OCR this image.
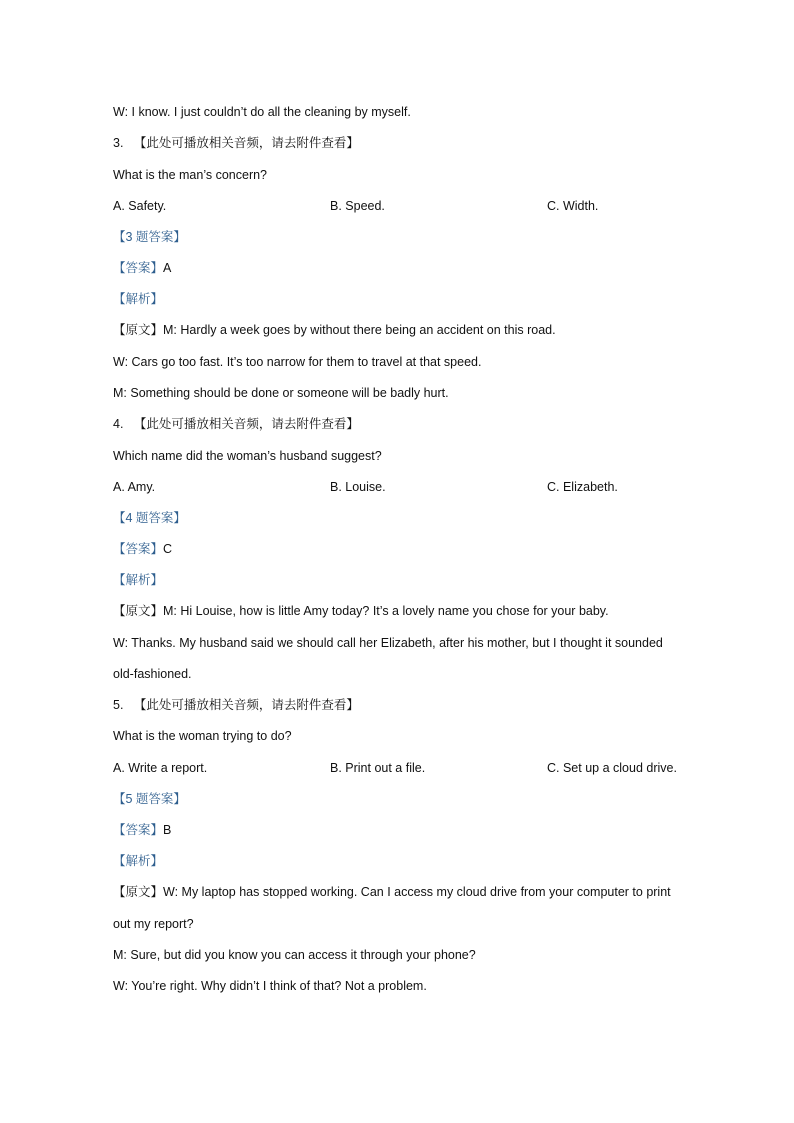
W: I know. I just couldn’t do all the cleaning by myself.
3. 【此处可播放相关音频，请去附件查看】
What is the man’s concern?
A. Safety.	B. Speed.	C. Width.
【3 题答案】
【答案】A
【解析】
【原文】M: Hardly a week goes by without there being an accident on this road.
W: Cars go too fast. It’s too narrow for them to travel at that speed.
M: Something should be done or someone will be badly hurt.
4. 【此处可播放相关音频，请去附件查看】
Which name did the woman’s husband suggest?
A. Amy.	B. Louise.	C. Elizabeth.
【4 题答案】
【答案】C
【解析】
【原文】M: Hi Louise, how is little Amy today? It’s a lovely name you chose for your baby.
W: Thanks. My husband said we should call her Elizabeth, after his mother, but I thought it sounded
old-fashioned.
5. 【此处可播放相关音频，请去附件查看】
What is the woman trying to do?
A. Write a report.	B. Print out a file.	C. Set up a cloud drive.
【5 题答案】
【答案】B
【解析】
【原文】W: My laptop has stopped working. Can I access my cloud drive from your computer to print
out my report?
M: Sure, but did you know you can access it through your phone?
W: You’re right. Why didn’t I think of that? Not a problem.
